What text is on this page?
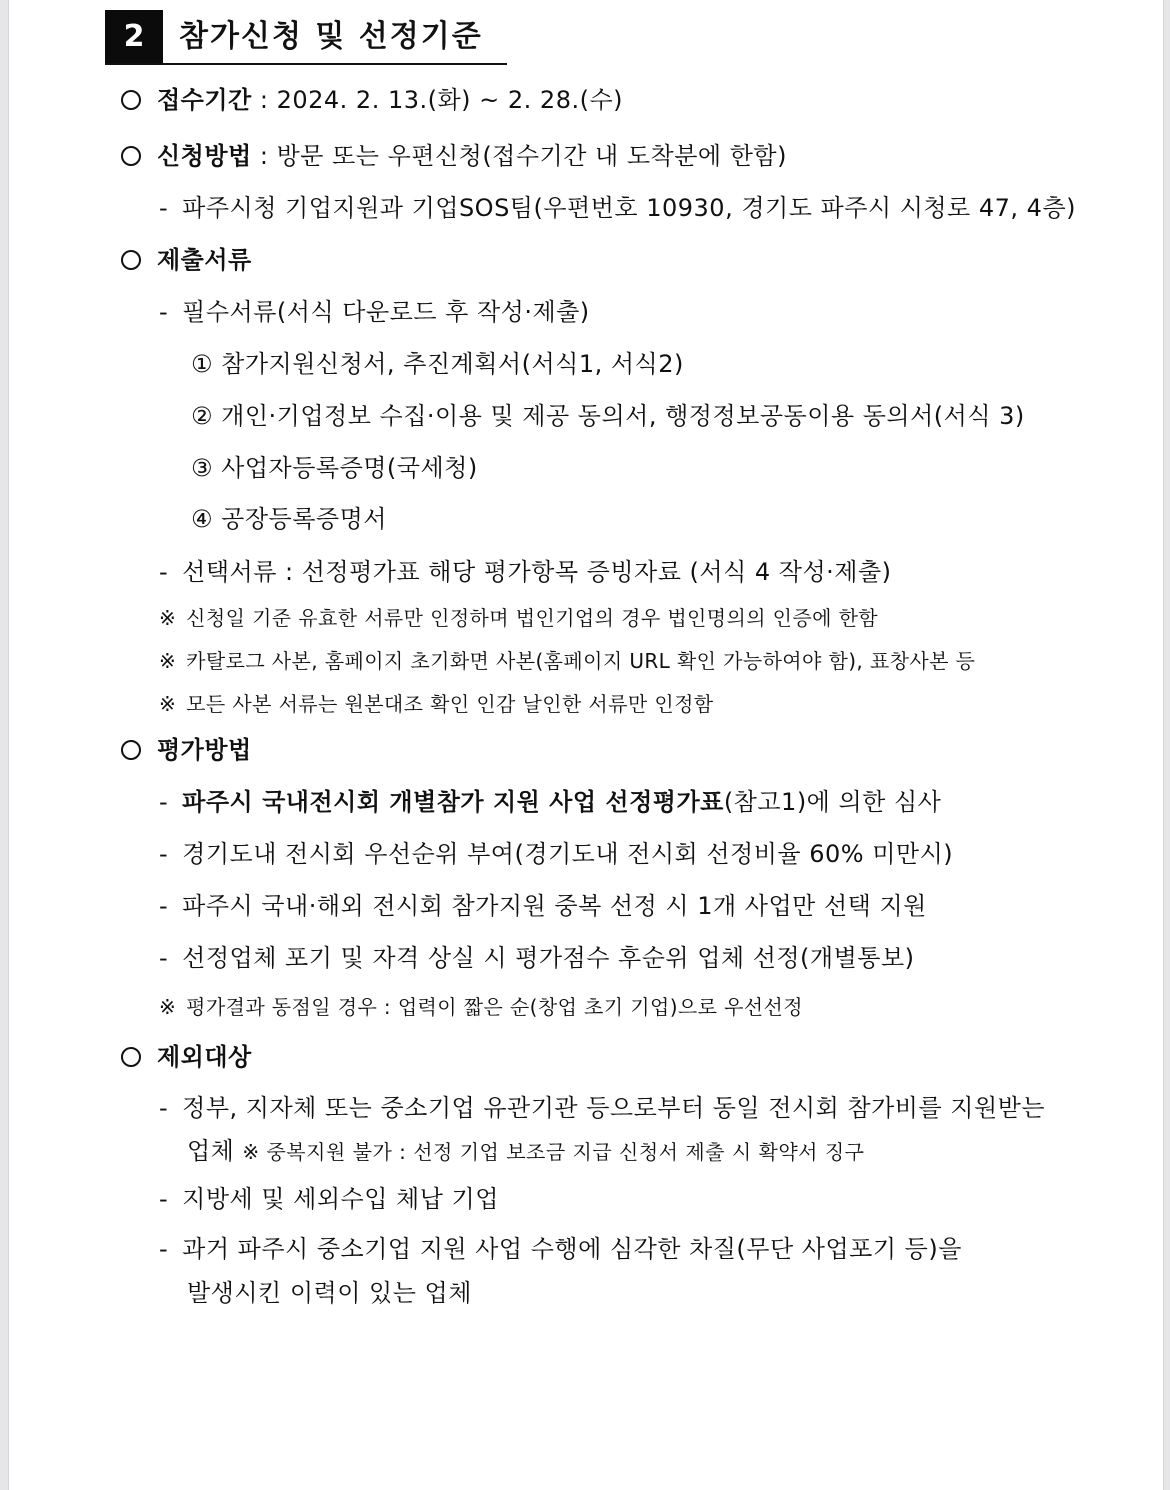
2	참가신청 및 선정기준
접수기간 : 2024. 2. 13.(화) ~ 2. 28.(수)
신청방법 : 방문 또는 우편신청(접수기간 내 도착분에 한함)
- 파주시청 기업지원과 기업SOS팀(우편번호 10930, 경기도 파주시 시청로 47, 4층)
제출서류
- 필수서류(서식 다운로드 후 작성·제출)
① 참가지원신청서, 추진계획서(서식1, 서식2)
② 개인·기업정보 수집·이용 및 제공 동의서, 행정정보공동이용 동의서(서식 3)
③ 사업자등록증명(국세청)
④ 공장등록증명서
- 선택서류 : 선정평가표 해당 평가항목 증빙자료 (서식 4 작성·제출)
※ 신청일 기준 유효한 서류만 인정하며 법인기업의 경우 법인명의의 인증에 한함
※ 카탈로그 사본, 홈페이지 초기화면 사본(홈페이지 URL 확인 가능하여야 함), 표창사본 등
※ 모든 사본 서류는 원본대조 확인 인감 날인한 서류만 인정함
평가방법
- 파주시 국내전시회 개별참가 지원 사업 선정평가표(참고1)에 의한 심사
- 경기도내 전시회 우선순위 부여(경기도내 전시회 선정비율 60% 미만시)
- 파주시 국내·해외 전시회 참가지원 중복 선정 시 1개 사업만 선택 지원
- 선정업체 포기 및 자격 상실 시 평가점수 후순위 업체 선정(개별통보)
※ 평가결과 동점일 경우 : 업력이 짧은 순(창업 초기 기업)으로 우선선정
제외대상
- 정부, 지자체 또는 중소기업 유관기관 등으로부터 동일 전시회 참가비를 지원받는
업체 ※ 중복지원 불가 : 선정 기업 보조금 지급 신청서 제출 시 확약서 징구
- 지방세 및 세외수입 체납 기업
- 과거 파주시 중소기업 지원 사업 수행에 심각한 차질(무단 사업포기 등)을
발생시킨 이력이 있는 업체
